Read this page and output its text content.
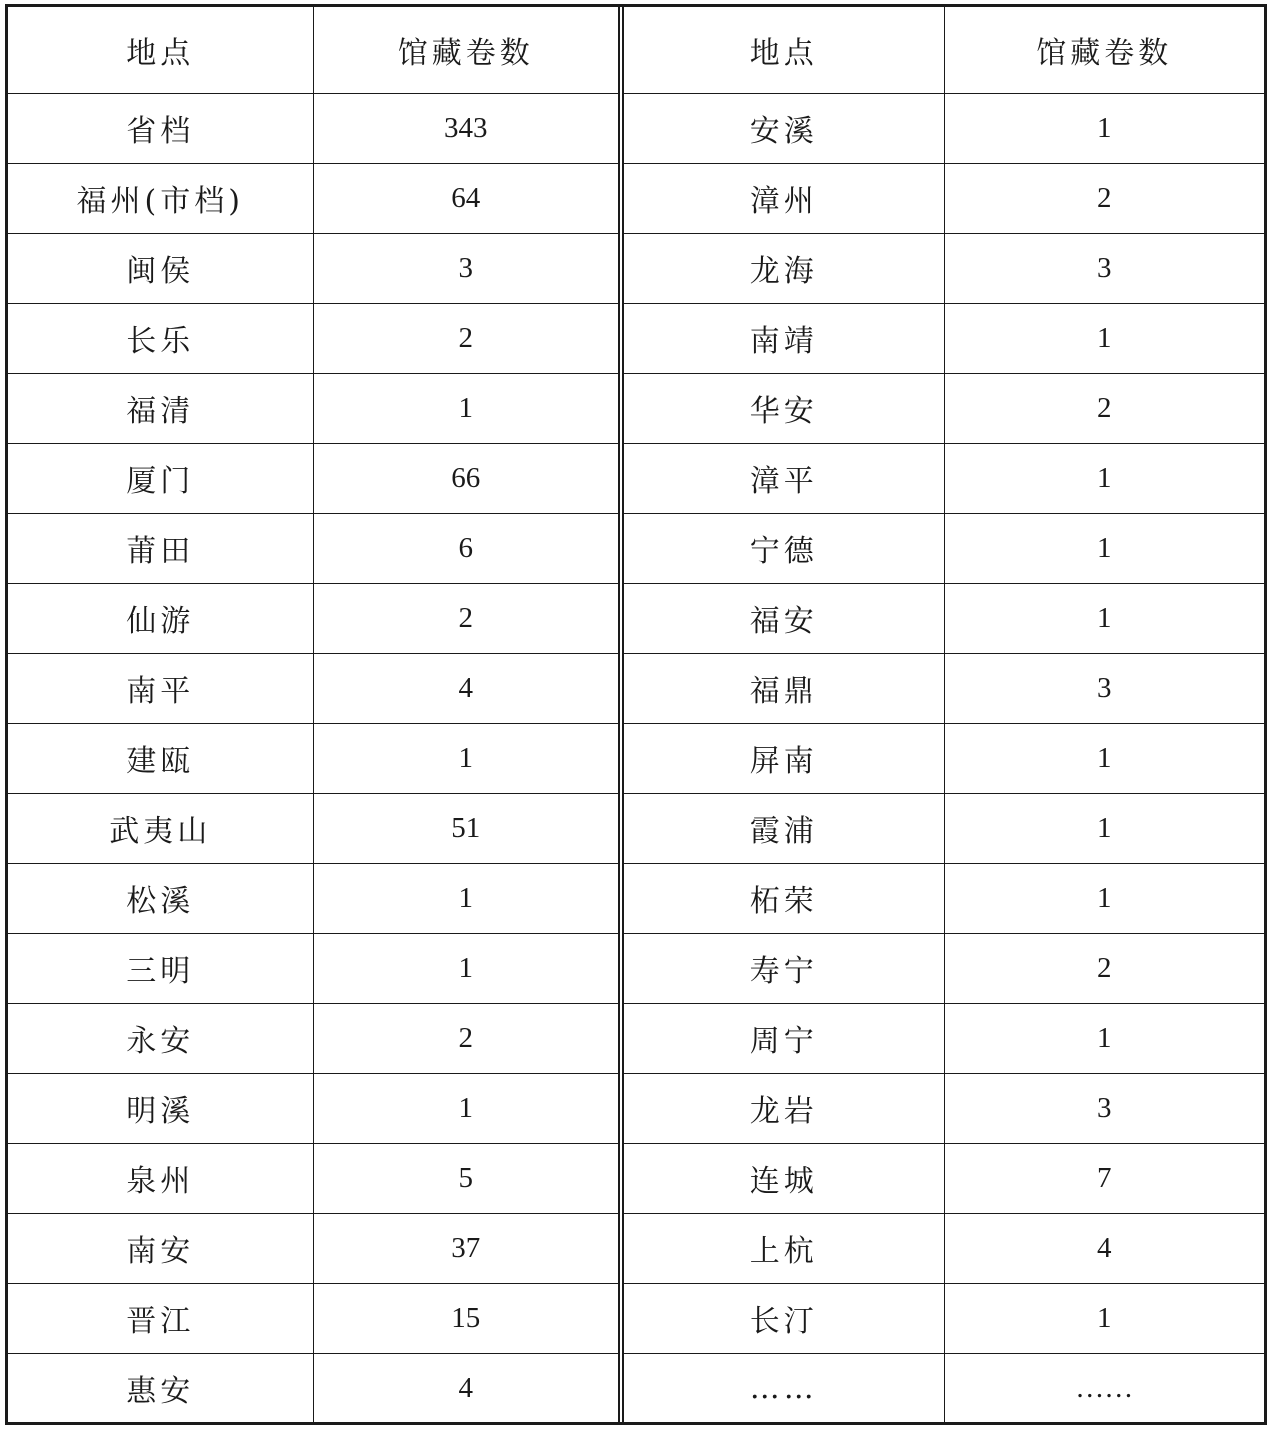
地点	馆藏卷数
省档	343
福州(市档)	64
闽侯	3
长乐	2
福清	1
厦门	66
莆田	6
仙游	2
南平	4
建瓯	1
武夷山	51
松溪	1
三明	1
永安	2
明溪	1
泉州	5
南安	37
晋江	15
惠安	4
地点	馆藏卷数
安溪	1
漳州	2
龙海	3
南靖	1
华安	2
漳平	1
宁德	1
福安	1
福鼎	3
屏南	1
霞浦	1
柘荣	1
寿宁	2
周宁	1
龙岩	3
连城	7
上杭	4
长汀	1
……	……
